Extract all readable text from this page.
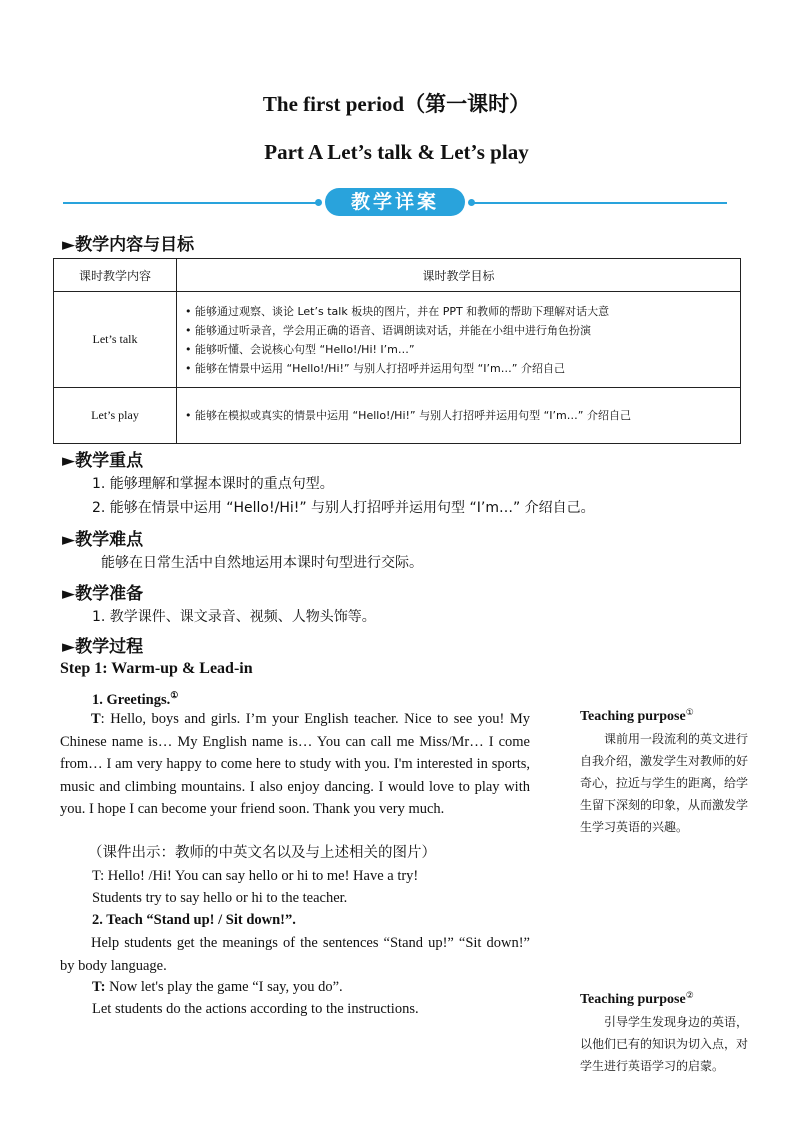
The first period（第一课时）
Part A Let’s talk & Let’s play
教学详案
►教学内容与目标
课时教学内容	课时教学目标
Let’s talk	• 能够通过观察、谈论 Let’s talk 板块的图片，并在 PPT 和教师的帮助下理解对话大意
• 能够通过听录音，学会用正确的语音、语调朗读对话，并能在小组中进行角色扮演
• 能够听懂、会说核心句型 “Hello!/Hi! I’m…”
• 能够在情景中运用 “Hello!/Hi!” 与别人打招呼并运用句型 “I’m…” 介绍自己

Let’s play	• 能够在模拟或真实的情景中运用 “Hello!/Hi!” 与别人打招呼并运用句型 “I’m…” 介绍自己
►教学重点
1. 能够理解和掌握本课时的重点句型。
2. 能够在情景中运用 “Hello!/Hi!” 与别人打招呼并运用句型 “I’m…” 介绍自己。
►教学难点
能够在日常生活中自然地运用本课时句型进行交际。
►教学准备
1. 教学课件、课文录音、视频、人物头饰等。
►教学过程
Step 1: Warm-up & Lead-in
1. Greetings.①
T: Hello, boys and girls. I’m your English teacher. Nice to see you! My Chinese name is… My English name is… You can call me Miss/Mr… I come from… I am very happy to come here to study with you. I'm interested in sports, music and climbing mountains. I also enjoy dancing. I would love to play with you. I hope I can become your friend soon. Thank you very much.
（课件出示：教师的中英文名以及与上述相关的图片）
T: Hello! /Hi! You can say hello or hi to me! Have a try!
Students try to say hello or hi to the teacher.
2. Teach “Stand up! / Sit down!”.
Help students get the meanings of the sentences “Stand up!” “Sit down!” by body language.
T: Now let's play the game “I say, you do”.
Let students do the actions according to the instructions.
Teaching purpose①
课前用一段流利的英文进行自我介绍，激发学生对教师的好奇心，拉近与学生的距离，给学生留下深刻的印象，从而激发学生学习英语的兴趣。
Teaching purpose②
引导学生发现身边的英语，以他们已有的知识为切入点，对学生进行英语学习的启蒙。
